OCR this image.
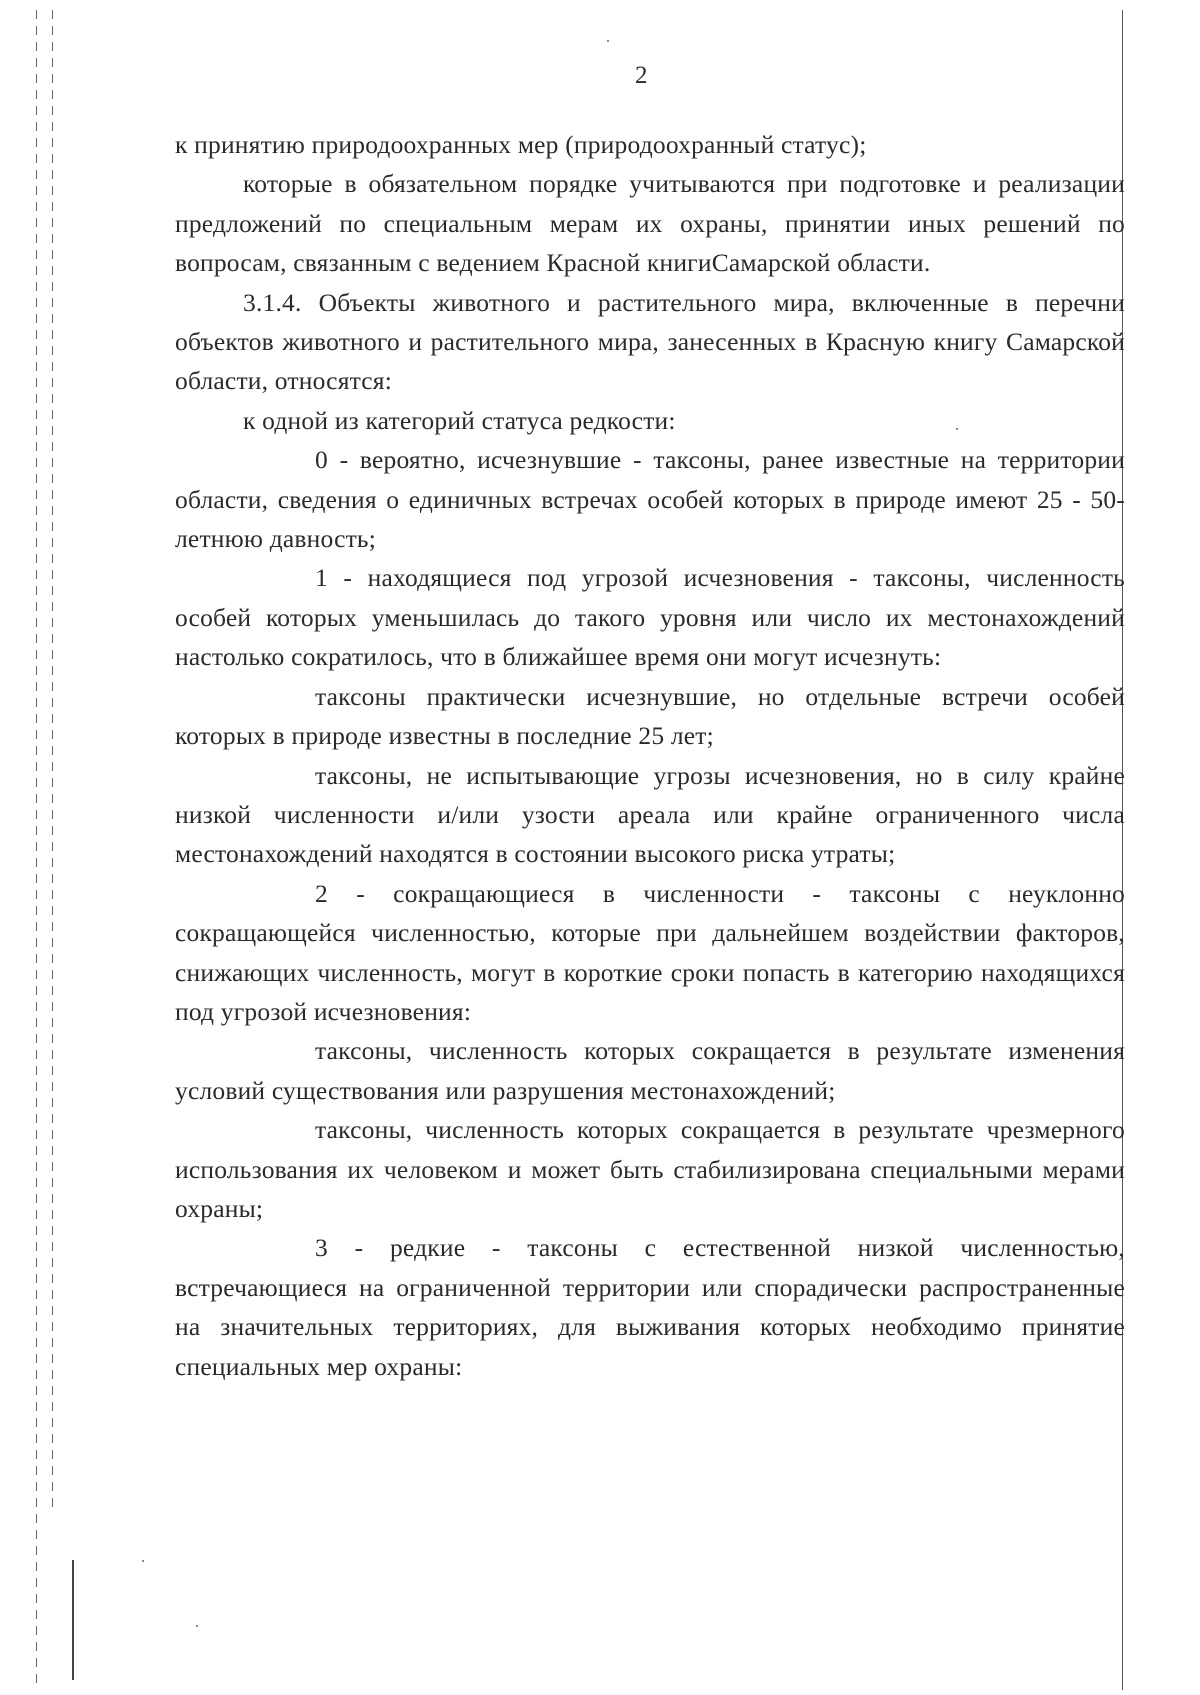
2

к принятию природоохранных мер (природоохранный статус);

которые в обязательном порядке учитываются при подготовке и реализации предложений по специальным мерам их охраны, принятии иных решений по вопросам, связанным с ведением Красной книгиСамарской области.

3.1.4. Объекты животного и растительного мира, включенные в перечни объектов животного и растительного мира, занесенных в Красную книгу Самарской области, относятся:

к одной из категорий статуса редкости:

0 - вероятно, исчезнувшие - таксоны, ранее известные на территории области, сведения о единичных встречах особей которых в природе имеют 25 - 50-летнюю давность;

1 - находящиеся под угрозой исчезновения - таксоны, численность особей которых уменьшилась до такого уровня или число их местонахождений настолько сократилось, что в ближайшее время они могут исчезнуть:

таксоны практически исчезнувшие, но отдельные встречи особей которых в природе известны в последние 25 лет;

таксоны, не испытывающие угрозы исчезновения, но в силу крайне низкой численности и/или узости ареала или крайне ограниченного числа местонахождений находятся в состоянии высокого риска утраты;

2 - сокращающиеся в численности - таксоны с неуклонно сокращающейся численностью, которые при дальнейшем воздействии факторов, снижающих численность, могут в короткие сроки попасть в категорию находящихся под угрозой исчезновения:

таксоны, численность которых сокращается в результате изменения условий существования или разрушения местонахождений;

таксоны, численность которых сокращается в результате чрезмерного использования их человеком и может быть стабилизирована специальными мерами охраны;

3 - редкие - таксоны с естественной низкой численностью, встречающиеся на ограниченной территории или спорадически распространенные на значительных территориях, для выживания которых необходимо принятие специальных мер охраны:
